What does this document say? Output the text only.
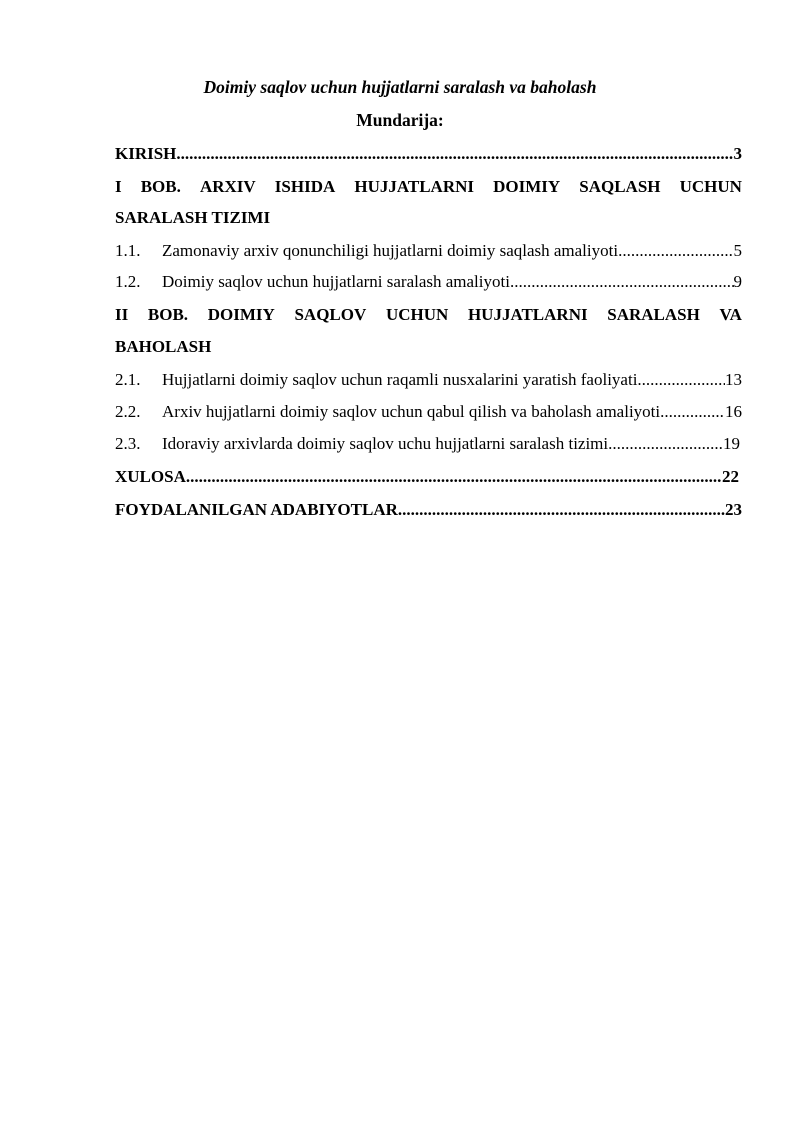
Doimiy saqlov uchun hujjatlarni saralash va baholash
Mundarija:
KIRISH .....	3
I BOB. ARXIV ISHIDA HUJJATLARNI DOIMIY SAQLASH UCHUN
SARALASH TIZIMI
1.1.	Zamonaviy arxiv qonunchiligi hujjatlarni doimiy saqlash amaliyoti .....	5
1.2.	Doimiy saqlov uchun hujjatlarni saralash amaliyoti .....	9
II BOB. DOIMIY SAQLOV UCHUN HUJJATLARNI SARALASH VA
BAHOLASH
2.1.	Hujjatlarni doimiy saqlov uchun raqamli nusxalarini yaratish faoliyati .....	13
2.2.	Arxiv hujjatlarni doimiy saqlov uchun qabul qilish va baholash amaliyoti .....	16
2.3.	Idoraviy arxivlarda doimiy saqlov uchu hujjatlarni saralash tizimi .....	19
XULOSA .....	22
FOYDALANILGAN ADABIYOTLAR .....	23
